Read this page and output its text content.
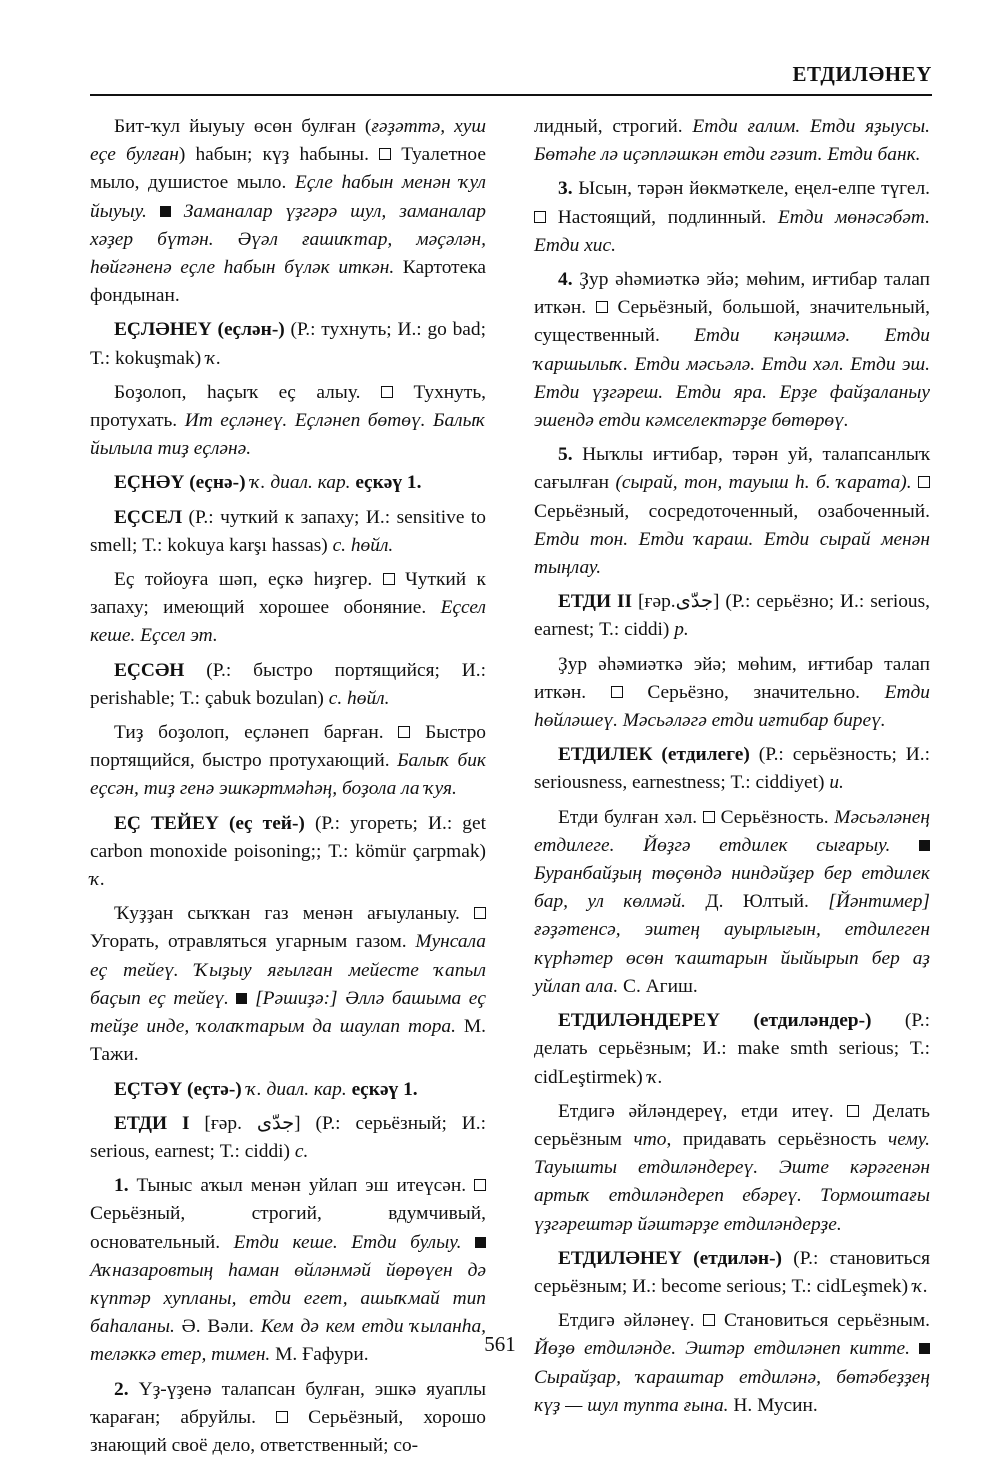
ЕТДИЛӘНЕҮ

Бит-ҡул йыуыу өсөн булған (ғәҙәттә, хуш еҫе булған) һабын; күҙ һабыны. Туалетное мыло, душистое мыло. Еҫле һабын менән ҡул йыуыу. Заманалар үҙгәрә шул, заманалар хәҙер бүтән. Әүәл ғашиҡтар, мәҫәлән, һөйгәненә еҫле һабын бүләк иткән. Картотека фондынан.

ЕҪЛӘНЕҮ (еҫлән-) (Р.: тухнуть; И.: go bad; Т.: kokuşmak) ҡ.

Боҙолоп, һаҫыҡ еҫ алыу.	Тухнуть, протухать. Ит еҫләнеү. Еҫләнеп бөтөү. Балыҡ йылыла тиҙ еҫләнә.

ЕҪНӘҮ (еҫнә-) ҡ. диал. кар. еҫкәү 1.

ЕҪСЕЛ (Р.: чуткий к запаху; И.: sensitive to smell; Т.: kokuya karşı hassas) с. һөйл.

Еҫ тойоуға шәп, еҫкә һиҙгер. Чуткий к запаху; имеющий хорошее обоняние. Еҫсел кеше. Еҫсел эт.

ЕҪСӘН (Р.: быстро портящийся; И.: perishable; Т.: çabuk bozulan) с. һөйл.

Тиҙ боҙолоп, еҫләнеп барған. Быстро портящийся, быстро протухающий. Балыҡ бик еҫсән, тиҙ генә эшкәртмәһәң, боҙола ла ҡуя.

ЕҪ ТЕЙЕҮ (еҫ тей-) (Р.: угореть; И.: get carbon monoxide poisoning;; Т.: kömür çarpmak) ҡ.

Ҡуҙҙан сыҡҡан газ менән ағыуланыу.  Угорать, отравляться угарным газом. Мунсала еҫ тейеү. Ҡыҙыу яғылған мейесте ҡапыл баҫып еҫ тейеү. [Рәшиҙә:] Әллә башыма еҫ тейҙе инде, ҡолаҡтарым да шаулап тора. М. Тажи.

ЕҪТӘҮ (еҫтә-) ҡ. диал. кар. еҫкәү 1.

ЕТДИ I [ғәр. جدّى] (Р.: серьёзный; И.: serious, earnest; Т.: ciddi) с.

1. Тыныс аҡыл менән уйлап эш итеүсән.  Серьёзный, строгий, вдумчивый, основательный. Етди кеше. Етди булыу.  Аҡназаровтың һаман өйләнмәй йөрөүен дә күптәр хупланы, етди егет, ашыҡмай тип баһаланы. Ә. Вәли. Кем дә кем етди ҡыланһа, теләккә етер, тимен. М. Ғафури.

2. Үҙ-үҙенә талапсан булған, эшкә яуаплы ҡараған; абруйлы.	Серьёзный, хорошо знающий своё дело, ответственный; со-

лидный, строгий. Етди ғалим. Етди яҙыусы. Бөтәһе лә иҫәпләшкән етди гәзит. Етди банк.

3. Ысын, тәрән йөкмәткеле, еңел-елпе түгел.  Настоящий, подлинный. Етди мөнәсәбәт. Етди хис.

4. Ҙур әһәмиәткә эйә; мөһим, иғтибар талап иткән. Серьёзный, большой, значительный, существенный. Етди кәңәшмә. Етди ҡаршылыҡ. Етди мәсьәлә. Етди хәл. Етди эш. Етди үҙгәреш. Етди яра. Ерҙе файҙаланыу эшендә етди кәмселектәрҙе бөтөрөү.

5. Ныҡлы иғтибар, тәрән уй, талапсанлыҡ сағылған (сырай, тон, тауыш һ. б. ҡарата).  Серьёзный, сосредоточенный, озабоченный. Етди тон. Етди ҡараш. Етди сырай менән тыңлау.

ЕТДИ II [ғәр.جدّى] (Р.: серьёзно; И.: serious, earnest; Т.: ciddi) р.

Ҙур әһәмиәткә эйә; мөһим, иғтибар талап иткән.	Серьёзно, значительно. Етди һөйләшеү. Мәсьәләгә етди иғтибар биреү.

ЕТДИЛЕК (етдилеге) (Р.: серьёзность; И.: seriousness, earnestness; Т.: ciddiyet) и.

Етди булған хәл. Серьёзность. Мәсьәләнең етдилеге. Йөҙгә етдилек сығарыу.  Буранбайҙың төҫөндә ниндәйҙер бер етдилек бар, ул көлмәй. Д. Юлтый. [Йәнтимер] ғәҙәтенсә, эштең ауырлығын, етдилеген күрһәтер өсөн ҡаштарын йыйырып бер аҙ уйлап ала. С. Агиш.

ЕТДИЛӘНДЕРЕҮ (етдиләндер-) (Р.: делать серьёзным; И.: make smth serious; Т.: cidLeştirmek) ҡ.

Етдигә әйләндереү, етди итеү. Делать серьёзным что, придавать серьёзность чему. Тауышты етдиләндереү. Эште кәрәгенән артыҡ етдиләндереп ебәреү. Тормоштағы үҙгәрештәр йәштәрҙе етдиләндерҙе.

ЕТДИЛӘНЕҮ (етдилән-) (Р.: становиться серьёзным; И.: become serious; Т.: cidLeşmek) ҡ.

Етдигә әйләнеү. Становиться серьёзным. Йөҙө етдиләнде. Эштәр етдиләнеп китте.  Сырайҙар, ҡараштар етдиләнә, бөтәбеҙҙең күҙ — шул туптa ғына. Н. Мусин.

561
